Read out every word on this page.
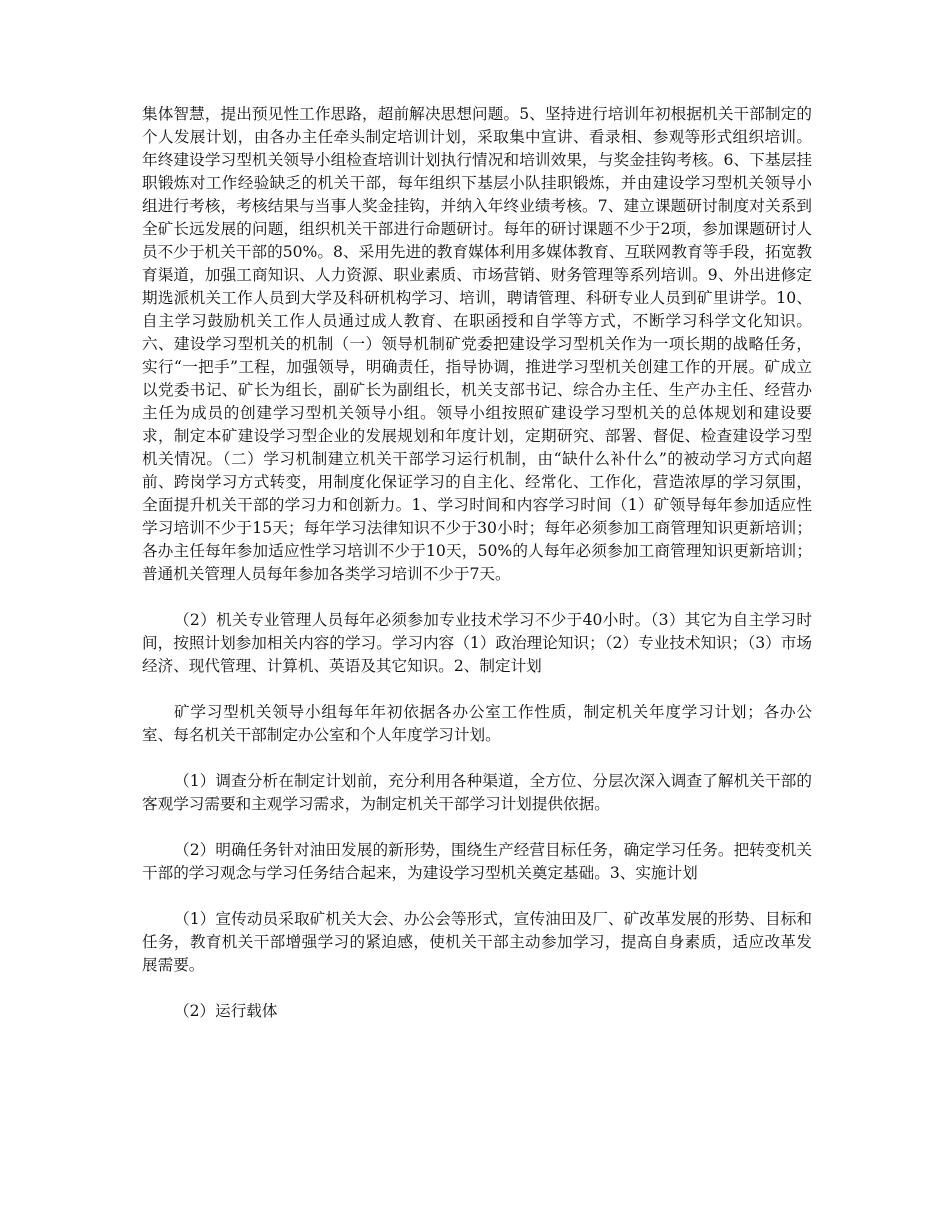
集体智慧，提出预见性工作思路，超前解决思想问题。5、坚持进行培训年初根据机关干部制定的个人发展计划，由各办主任牵头制定培训计划，采取集中宣讲、看录相、参观等形式组织培训。年终建设学习型机关领导小组检查培训计划执行情况和培训效果，与奖金挂钩考核。6、下基层挂职锻炼对工作经验缺乏的机关干部，每年组织下基层小队挂职锻炼，并由建设学习型机关领导小组进行考核，考核结果与当事人奖金挂钩，并纳入年终业绩考核。7、建立课题研讨制度对关系到全矿长远发展的问题，组织机关干部进行命题研讨。每年的研讨课题不少于2项，参加课题研讨人员不少于机关干部的50%。8、采用先进的教育媒体利用多媒体教育、互联网教育等手段，拓宽教育渠道，加强工商知识、人力资源、职业素质、市场营销、财务管理等系列培训。9、外出进修定期选派机关工作人员到大学及科研机构学习、培训，聘请管理、科研专业人员到矿里讲学。10、自主学习鼓励机关工作人员通过成人教育、在职函授和自学等方式，不断学习科学文化知识。六、建设学习型机关的机制（一）领导机制矿党委把建设学习型机关作为一项长期的战略任务，实行“一把手”工程，加强领导，明确责任，指导协调，推进学习型机关创建工作的开展。矿成立以党委书记、矿长为组长，副矿长为副组长，机关支部书记、综合办主任、生产办主任、经营办主任为成员的创建学习型机关领导小组。领导小组按照矿建设学习型机关的总体规划和建设要求，制定本矿建设学习型企业的发展规划和年度计划，定期研究、部署、督促、检查建设学习型机关情况。（二）学习机制建立机关干部学习运行机制，由“缺什么补什么”的被动学习方式向超前、跨岗学习方式转变，用制度化保证学习的自主化、经常化、工作化，营造浓厚的学习氛围，全面提升机关干部的学习力和创新力。1、学习时间和内容学习时间（1）矿领导每年参加适应性学习培训不少于15天；每年学习法律知识不少于30小时；每年必须参加工商管理知识更新培训；各办主任每年参加适应性学习培训不少于10天，50%的人每年必须参加工商管理知识更新培训；普通机关管理人员每年参加各类学习培训不少于7天。

（2）机关专业管理人员每年必须参加专业技术学习不少于40小时。（3）其它为自主学习时间，按照计划参加相关内容的学习。学习内容（1）政治理论知识；（2）专业技术知识；（3）市场经济、现代管理、计算机、英语及其它知识。2、制定计划

矿学习型机关领导小组每年年初依据各办公室工作性质，制定机关年度学习计划；各办公室、每名机关干部制定办公室和个人年度学习计划。

（1）调查分析在制定计划前，充分利用各种渠道，全方位、分层次深入调查了解机关干部的客观学习需要和主观学习需求，为制定机关干部学习计划提供依据。

（2）明确任务针对油田发展的新形势，围绕生产经营目标任务，确定学习任务。把转变机关干部的学习观念与学习任务结合起来，为建设学习型机关奠定基础。3、实施计划

（1）宣传动员采取矿机关大会、办公会等形式，宣传油田及厂、矿改革发展的形势、目标和任务，教育机关干部增强学习的紧迫感，使机关干部主动参加学习，提高自身素质，适应改革发展需要。

（2）运行载体
